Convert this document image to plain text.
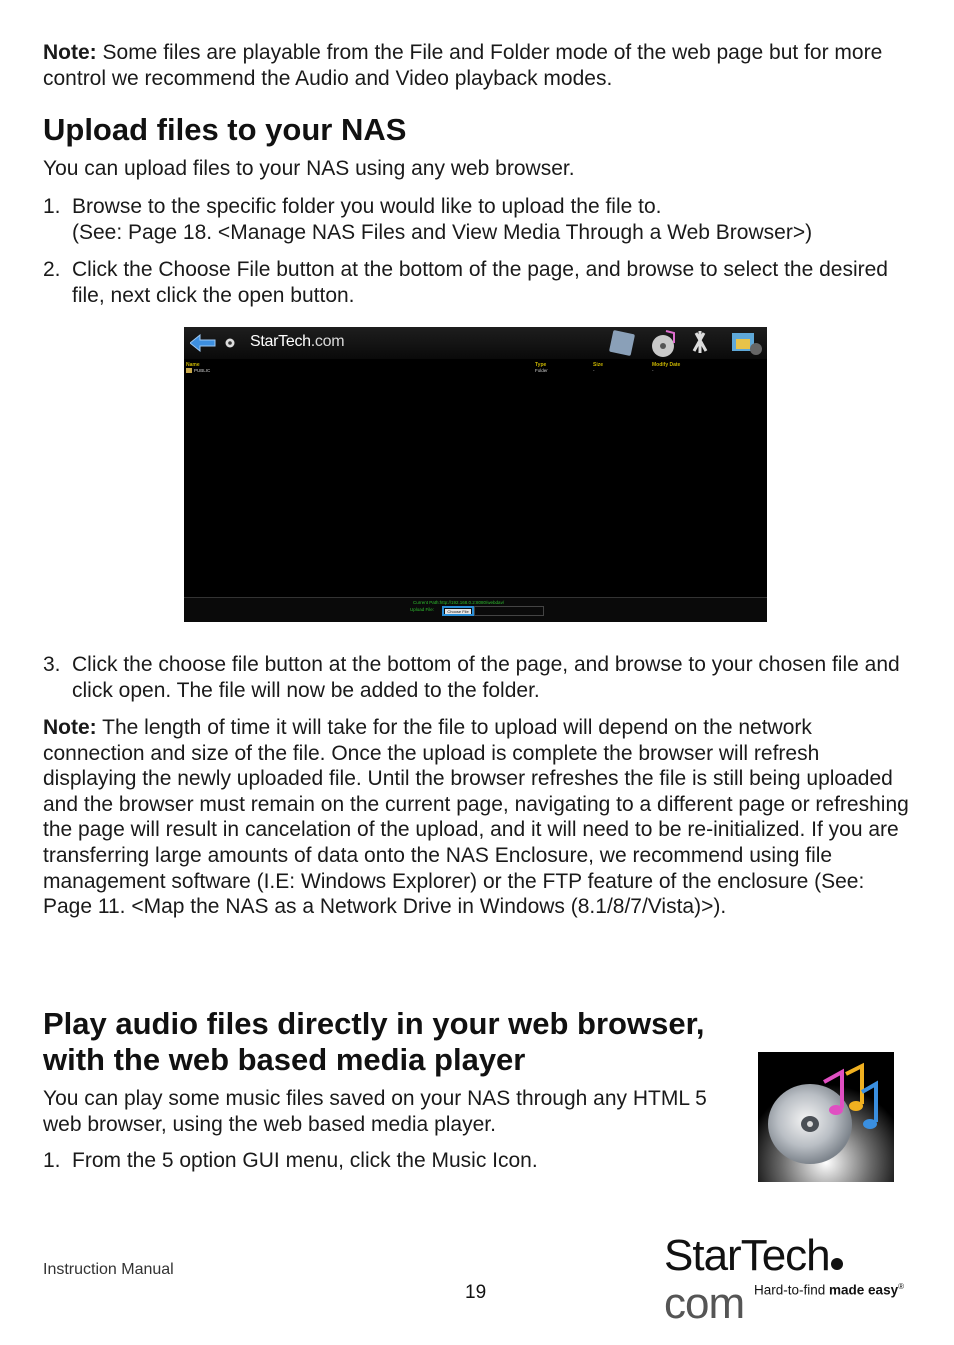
Note: Some files are playable from the File and Folder mode of the web page but for more control we recommend the Audio and Video playback modes.

Upload files to your NAS

You can upload files to your NAS using any web browser.

1. Browse to the specific folder you would like to upload the file to.
(See: Page 18. <Manage NAS Files and View Media Through a Web Browser>)
2. Click the Choose File button at the bottom of the page, and browse to select the desired file, next click the open button.
StarTech.com
Name	Type	Size	Modify Date
PUBLIC	Folder	-	-
Current Path:http://192.168.0.2:8080/webdav/
Upload File:	Choose File
3. Click the choose file button at the bottom of the page, and browse to your chosen file and click open. The file will now be added to the folder.

Note: The length of time it will take for the file to upload will depend on the network connection and size of the file. Once the upload is complete the browser will refresh displaying the newly uploaded file. Until the browser refreshes the file is still being uploaded and the browser must remain on the current page, navigating to a different page or refreshing the page will result in cancelation of the upload, and it will need to be re-initialized. If you are transferring large amounts of data onto the NAS Enclosure, we recommend using file management software (I.E: Windows Explorer) or the FTP feature of the enclosure (See: Page 11. <Map the NAS as a Network Drive in Windows (8.1/8/7/Vista)>).

Play audio files directly in your web browser,
with the web based media player

You can play some music files saved on your NAS through any HTML 5 web browser, using the web based media player.

1. From the 5 option GUI menu, click the Music Icon.
Instruction Manual
19
StarTechcom Hard-to-find made easy®
